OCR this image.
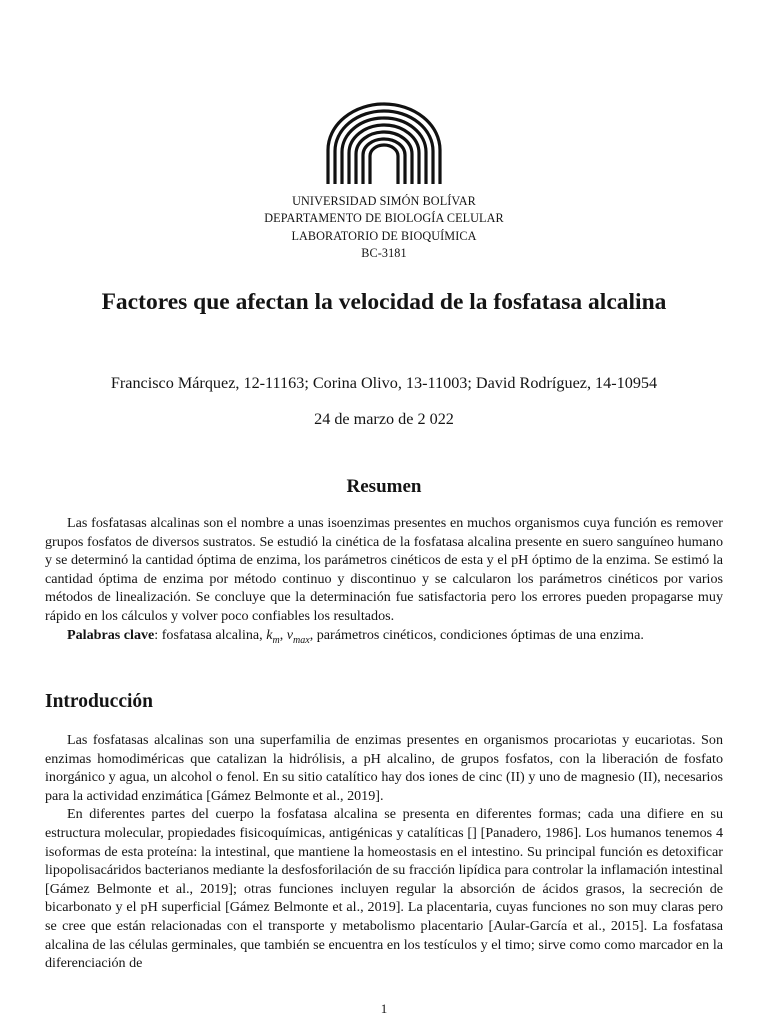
UNIVERSIDAD SIMÓN BOLÍVAR
DEPARTAMENTO DE BIOLOGÍA CELULAR
LABORATORIO DE BIOQUÍMICA
BC-3181
Factores que afectan la velocidad de la fosfatasa alcalina
Francisco Márquez, 12-11163; Corina Olivo, 13-11003; David Rodríguez, 14-10954
24 de marzo de 2 022
Resumen

Las fosfatasas alcalinas son el nombre a unas isoenzimas presentes en muchos organismos cuya función es remover grupos fosfatos de diversos sustratos. Se estudió la cinética de la fosfatasa alcalina presente en suero sanguíneo humano y se determinó la cantidad óptima de enzima, los parámetros cinéticos de esta y el pH óptimo de la enzima. Se estimó la cantidad óptima de enzima por método continuo y discontinuo y se calcularon los parámetros cinéticos por varios métodos de linealización. Se concluye que la determinación fue satisfactoria pero los errores pueden propagarse muy rápido en los cálculos y volver poco confiables los resultados.

Palabras clave: fosfatasa alcalina, $k_m$, $v_{max}$, parámetros cinéticos, condiciones óptimas de una enzima.

Introducción

Las fosfatasas alcalinas son una superfamilia de enzimas presentes en organismos procariotas y eucariotas. Son enzimas homodiméricas que catalizan la hidrólisis, a pH alcalino, de grupos fosfatos, con la liberación de fosfato inorgánico y agua, un alcohol o fenol. En su sitio catalítico hay dos iones de cinc (II) y uno de magnesio (II), necesarios para la actividad enzimática [Gámez Belmonte et al., 2019].

En diferentes partes del cuerpo la fosfatasa alcalina se presenta en diferentes formas; cada una difiere en su estructura molecular, propiedades fisicoquímicas, antigénicas y catalíticas [] [Panadero, 1986]. Los humanos tenemos 4 isoformas de esta proteína: la intestinal, que mantiene la homeostasis en el intestino. Su principal función es detoxificar lipopolisacáridos bacterianos mediante la desfosforilación de su fracción lipídica para controlar la inflamación intestinal [Gámez Belmonte et al., 2019]; otras funciones incluyen regular la absorción de ácidos grasos, la secreción de bicarbonato y el pH superficial [Gámez Belmonte et al., 2019]. La placentaria, cuyas funciones no son muy claras pero se cree que están relacionadas con el transporte y metabolismo placentario [Aular-García et al., 2015]. La fosfatasa alcalina de las células germinales, que también se encuentra en los testículos y el timo; sirve como como marcador en la diferenciación de

1
